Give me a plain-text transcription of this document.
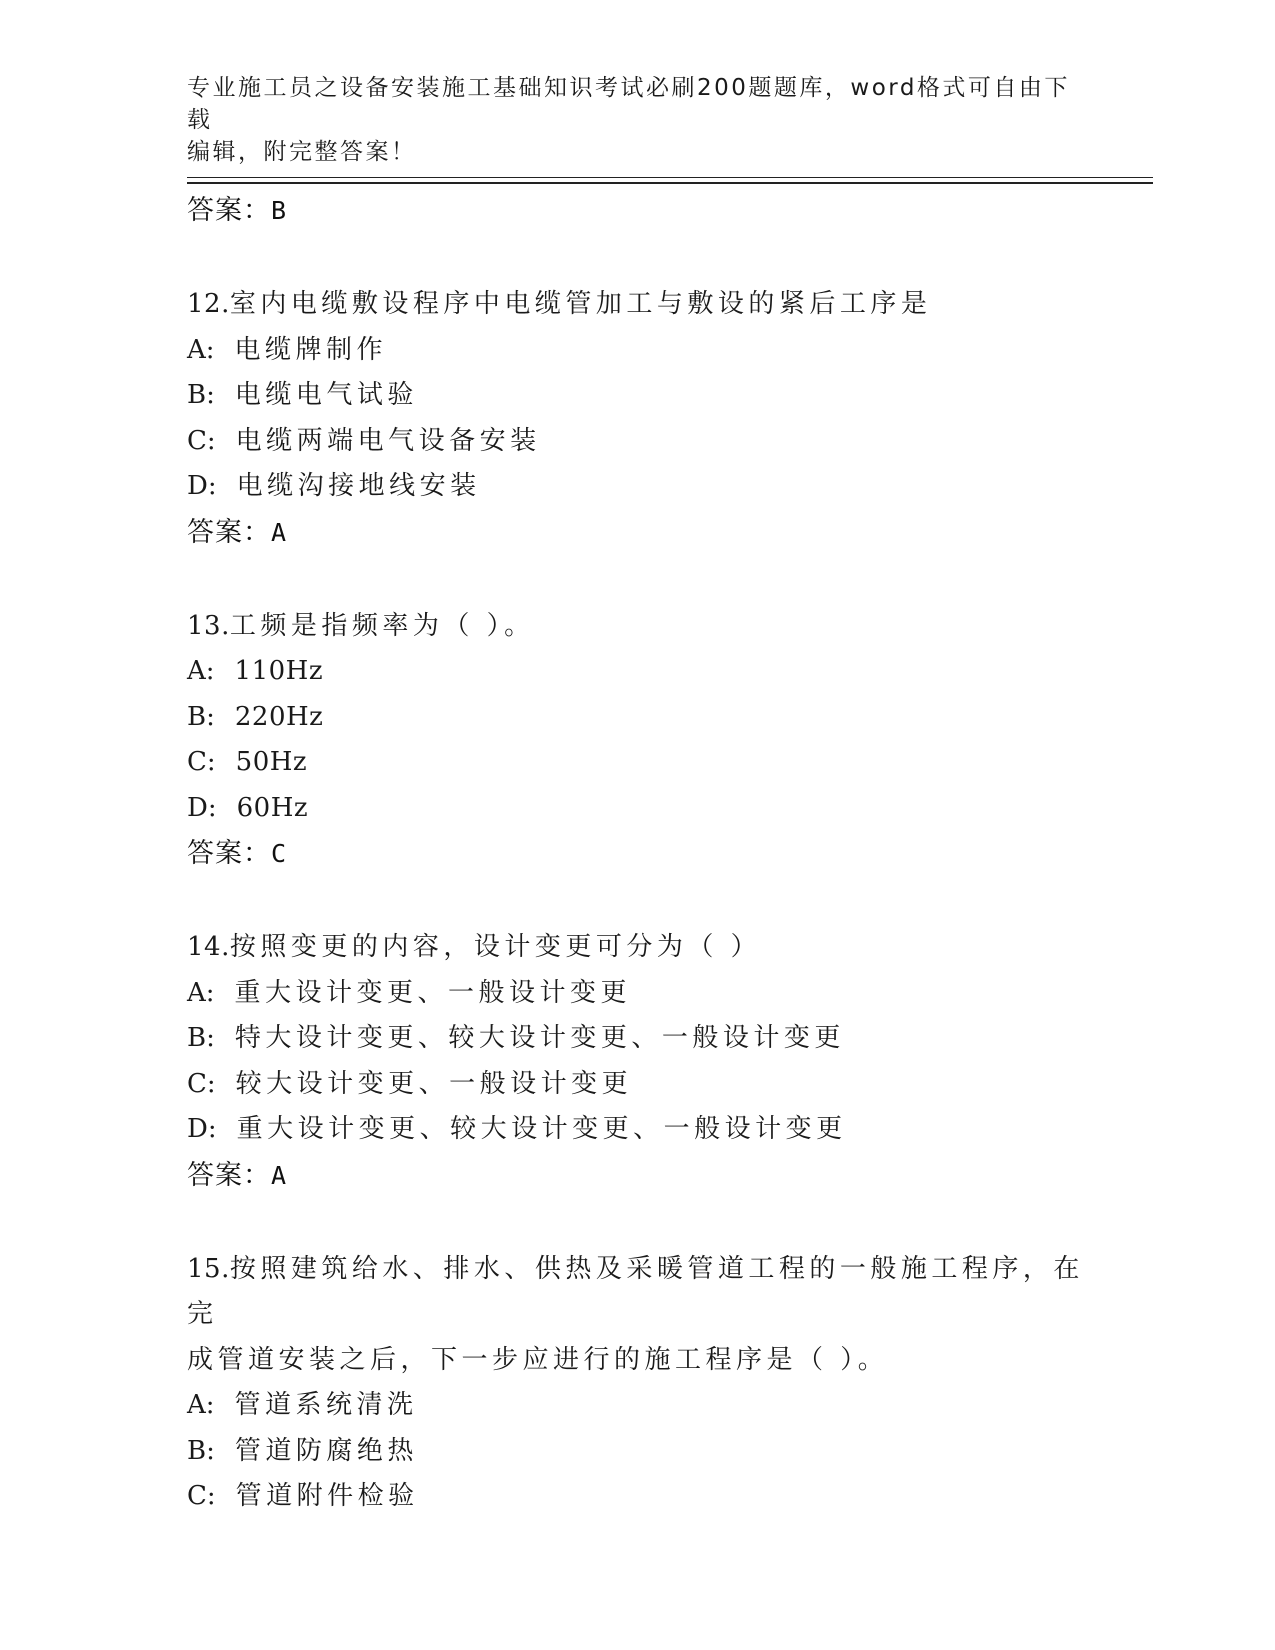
专业施工员之设备安装施工基础知识考试必刷200题题库，word格式可自由下载
编辑，附完整答案！
答案：B
12.室内电缆敷设程序中电缆管加工与敷设的紧后工序是
A: 电缆牌制作
B: 电缆电气试验
C: 电缆两端电气设备安装
D: 电缆沟接地线安装
答案：A
13.工频是指频率为（ ）。
A: 110Hz
B: 220Hz
C: 50Hz
D: 60Hz
答案：C
14.按照变更的内容，设计变更可分为（ ）
A: 重大设计变更、一般设计变更
B: 特大设计变更、较大设计变更、一般设计变更
C: 较大设计变更、一般设计变更
D: 重大设计变更、较大设计变更、一般设计变更
答案：A
15.按照建筑给水、排水、供热及采暖管道工程的一般施工程序，在完
成管道安装之后，下一步应进行的施工程序是（ ）。
A: 管道系统清洗
B: 管道防腐绝热
C: 管道附件检验
